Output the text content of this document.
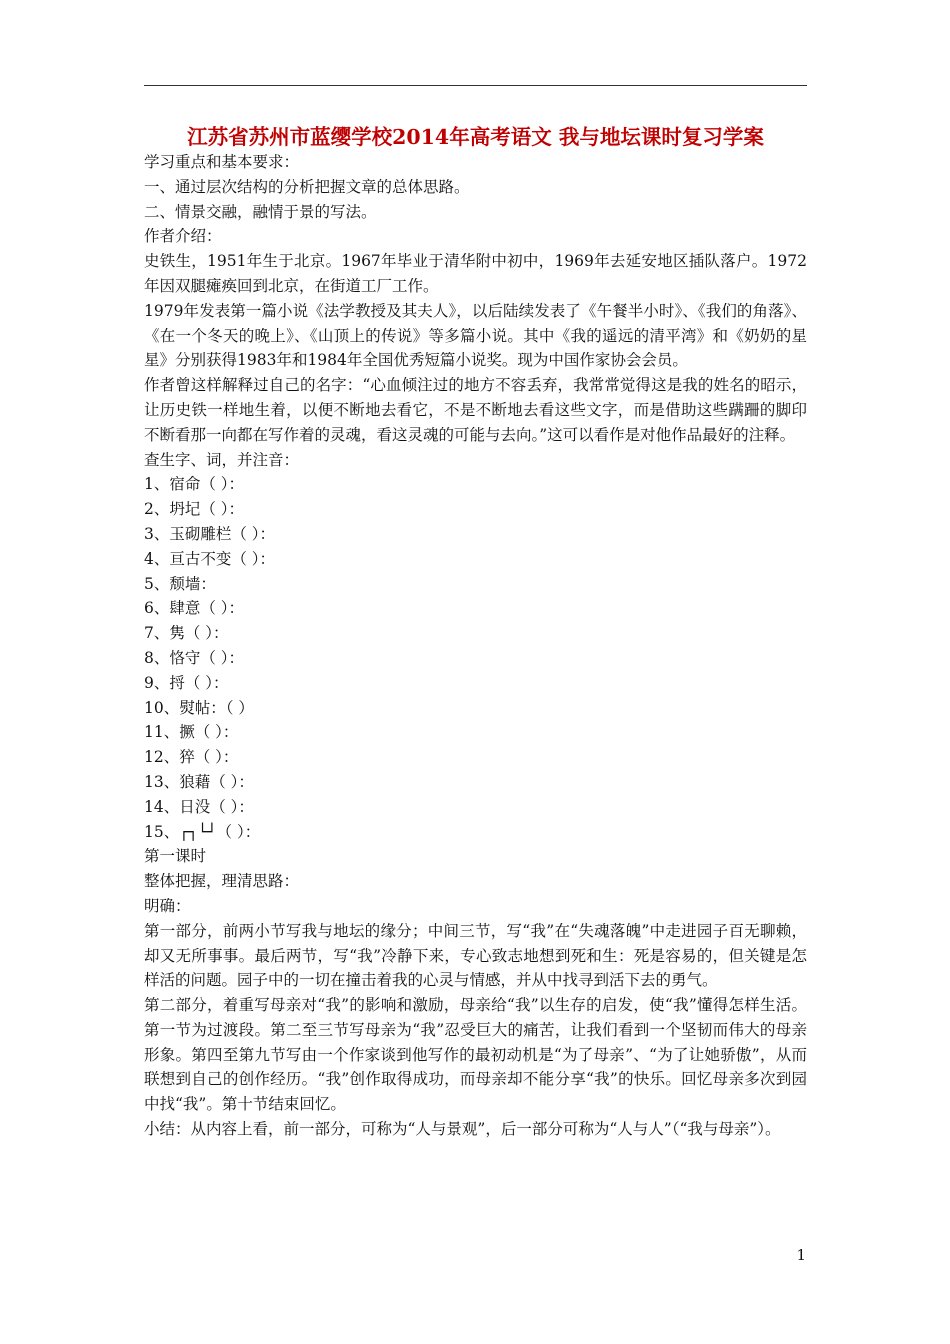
江苏省苏州市蓝缨学校2014年高考语文 我与地坛课时复习学案

学习重点和基本要求：

一、通过层次结构的分析把握文章的总体思路。

二、情景交融，融情于景的写法。

作者介绍：

史铁生，1951年生于北京。1967年毕业于清华附中初中，1969年去延安地区插队落户。1972年因双腿瘫痪回到北京，在街道工厂工作。

1979年发表第一篇小说《法学教授及其夫人》，以后陆续发表了《午餐半小时》、《我们的角落》、《在一个冬天的晚上》、《山顶上的传说》等多篇小说。其中《我的遥远的清平湾》和《奶奶的星星》分别获得1983年和1984年全国优秀短篇小说奖。现为中国作家协会会员。

作者曾这样解释过自己的名字：“心血倾注过的地方不容丢弃，我常常觉得这是我的姓名的昭示，让历史铁一样地生着，以便不断地去看它，不是不断地去看这些文字，而是借助这些蹒跚的脚印不断看那一向都在写作着的灵魂，看这灵魂的可能与去向。”这可以看作是对他作品最好的注释。

查生字、词，并注音：

1、宿命（ ）：

2、坍圮（ ）：

3、玉砌雕栏（ ）：

4、亘古不变（ ）：

5、颓墙：

6、肆意（ ）：

7、隽（ ）：

8、恪守（ ）：

9、捋（ ）：

10、熨帖：（ ）

11、撅（ ）：

12、猝（ ）：

13、狼藉（ ）：

14、日没（ ）：

15、┌┐└┘（ ）：

第一课时

整体把握，理清思路：

明确：

第一部分，前两小节写我与地坛的缘分；中间三节，写“我”在“失魂落魄”中走进园子百无聊赖，却又无所事事。最后两节，写“我”冷静下来，专心致志地想到死和生：死是容易的，但关键是怎样活的问题。园子中的一切在撞击着我的心灵与情感，并从中找寻到活下去的勇气。

第二部分，着重写母亲对“我”的影响和激励，母亲给“我”以生存的启发，使“我”懂得怎样生活。第一节为过渡段。第二至三节写母亲为“我”忍受巨大的痛苦，让我们看到一个坚韧而伟大的母亲形象。第四至第九节写由一个作家谈到他写作的最初动机是“为了母亲”、“为了让她骄傲”，从而联想到自己的创作经历。“我”创作取得成功，而母亲却不能分享“我”的快乐。回忆母亲多次到园中找“我”。第十节结束回忆。

小结：从内容上看，前一部分，可称为“人与景观”，后一部分可称为“人与人”（“我与母亲”）。

1
